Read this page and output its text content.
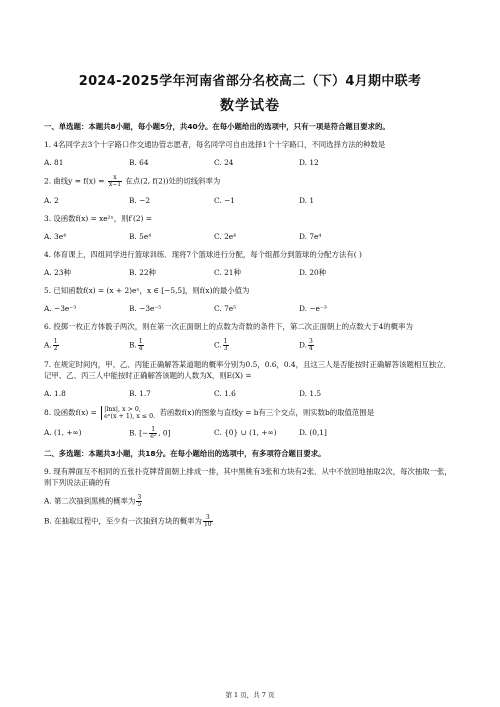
2024-2025学年河南省部分名校高二（下）4月期中联考
数学试卷
一、单选题：本题共8小题，每小题5分，共40分。在每小题给出的选项中，只有一项是符合题目要求的。
1. 4名同学去3个十字路口作交通协管志愿者，每名同学可自由选择1个十字路口，不同选择方法的种数是
A. 81	B. 64	C. 24	D. 12
2. 曲线$y = f(x) = \frac{x}{x-1}$ 在点(2, f(2))处的切线斜率为
A. 2	B. −2	C. −1	D. 1
3. 设函数f(x) = xe²ˣ，则f′(2) =
A. 3e⁴	B. 5e⁴	C. 2e⁴	D. 7e⁴
4. 体育课上，四组同学进行篮球训练．现将7个篮球进行分配，每个组都分到篮球的分配方法有( )
A. 23种	B. 22种	C. 21种	D. 20种
5. 已知函数f(x) = (x + 2)eˣ，x ∈ [−5,5]，则f(x)的最小值为
A. −3e⁻³	B. −3e⁻⁵	C. 7e⁵	D. −e⁻³
6. 投掷一枚正方体骰子两次，则在第一次正面朝上的点数为奇数的条件下，第二次正面朝上的点数大于4的概率为
A. $\frac{1}{2}$	B. $\frac{1}{4}$	C. $\frac{1}{3}$	D. $\frac{3}{4}$
7. 在规定时间内，甲、乙、丙能正确解答某道题的概率分别为0.5，0.6，0.4，且这三人是否能按时正确解答该题相互独立．记甲、乙、丙三人中能按时正确解答该题的人数为X，则E(X) =
A. 1.8	B. 1.7	C. 1.6	D. 1.5
8. 设函数f(x) = |lnx|, x > 0,
eˣ(x + 1), x ≤ 0. 若函数f(x)的图象与直线y = b有三个交点，则实数b的取值范围是
A. (1, +∞)	B. [− $\frac{1}{\text{e²}}$ , 0]	C. {0} ∪ (1, +∞)	D. (0,1]
二、多选题：本题共3小题，共18分。在每小题给出的选项中，有多项符合题目要求。
9. 现有牌面互不相同的五张扑克牌背面朝上排成一排，其中黑桃有3张和方块有2张．从中不放回地抽取2次，每次抽取一张，则下列说法正确的有
A. 第二次抽到黑桃的概率为 $\frac{3}{5}$
B. 在抽取过程中，至少有一次抽到方块的概率为 $\frac{3}{10}$
第 1 页，共 7 页
